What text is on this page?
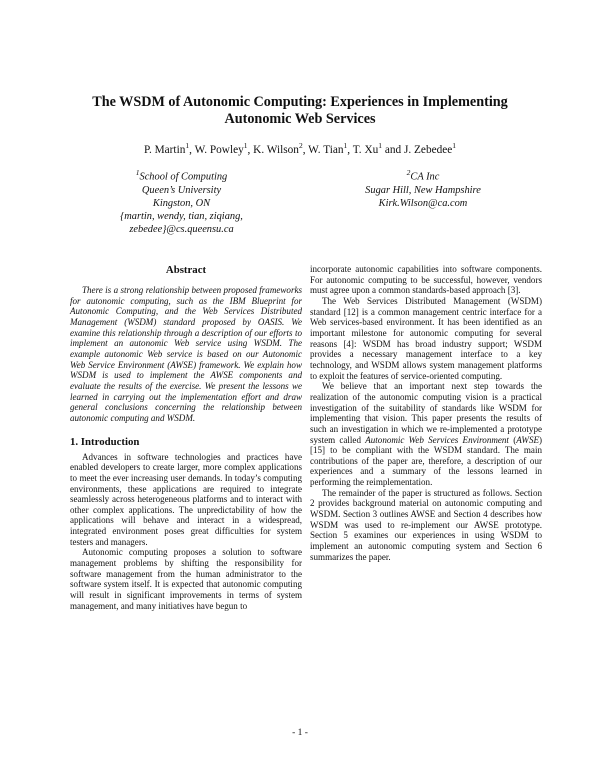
The WSDM of Autonomic Computing: Experiences in Implementing Autonomic Web Services
P. Martin$^1$, W. Powley$^1$, K. Wilson$^2$, W. Tian$^1$, T. Xu$^1$ and J. Zebedee$^1$
$^1$School of Computing
Queen’s University
Kingston, ON
{martin, wendy, tian, ziqiang,
zebedee}@cs.queensu.ca
$^2$CA Inc
Sugar Hill, New Hampshire
Kirk.Wilson@ca.com
Abstract

There is a strong relationship between proposed frameworks for autonomic computing, such as the IBM Blueprint for Autonomic Computing, and the Web Services Distributed Management (WSDM) standard proposed by OASIS. We examine this relationship through a description of our efforts to implement an autonomic Web service using WSDM. The example autonomic Web service is based on our Autonomic Web Service Environment (AWSE) framework. We explain how WSDM is used to implement the AWSE components and evaluate the results of the exercise. We present the lessons we learned in carrying out the implementation effort and draw general conclusions concerning the relationship between autonomic computing and WSDM.

1. Introduction

Advances in software technologies and practices have enabled developers to create larger, more complex applications to meet the ever increasing user demands. In today’s computing environments, these applications are required to integrate seamlessly across heterogeneous platforms and to interact with other complex applications. The unpredictability of how the applications will behave and interact in a widespread, integrated environment poses great difficulties for system testers and managers.

Autonomic computing proposes a solution to software management problems by shifting the responsibility for software management from the human administrator to the software system itself. It is expected that autonomic computing will result in significant improvements in terms of system management, and many initiatives have begun to

incorporate autonomic capabilities into software components. For autonomic computing to be successful, however, vendors must agree upon a common standards-based approach [3].

The Web Services Distributed Management (WSDM) standard [12] is a common management centric interface for a Web services-based environment. It has been identified as an important milestone for autonomic computing for several reasons [4]: WSDM has broad industry support; WSDM provides a necessary management interface to a key technology, and WSDM allows system management platforms to exploit the features of service-oriented computing.

We believe that an important next step towards the realization of the autonomic computing vision is a practical investigation of the suitability of standards like WSDM for implementing that vision. This paper presents the results of such an investigation in which we re-implemented a prototype system called Autonomic Web Services Environment (AWSE) [15] to be compliant with the WSDM standard. The main contributions of the paper are, therefore, a description of our experiences and a summary of the lessons learned in performing the reimplementation.

The remainder of the paper is structured as follows. Section 2 provides background material on autonomic computing and WSDM. Section 3 outlines AWSE and Section 4 describes how WSDM was used to re-implement our AWSE prototype. Section 5 examines our experiences in using WSDM to implement an autonomic computing system and Section 6 summarizes the paper.

- 1 -
